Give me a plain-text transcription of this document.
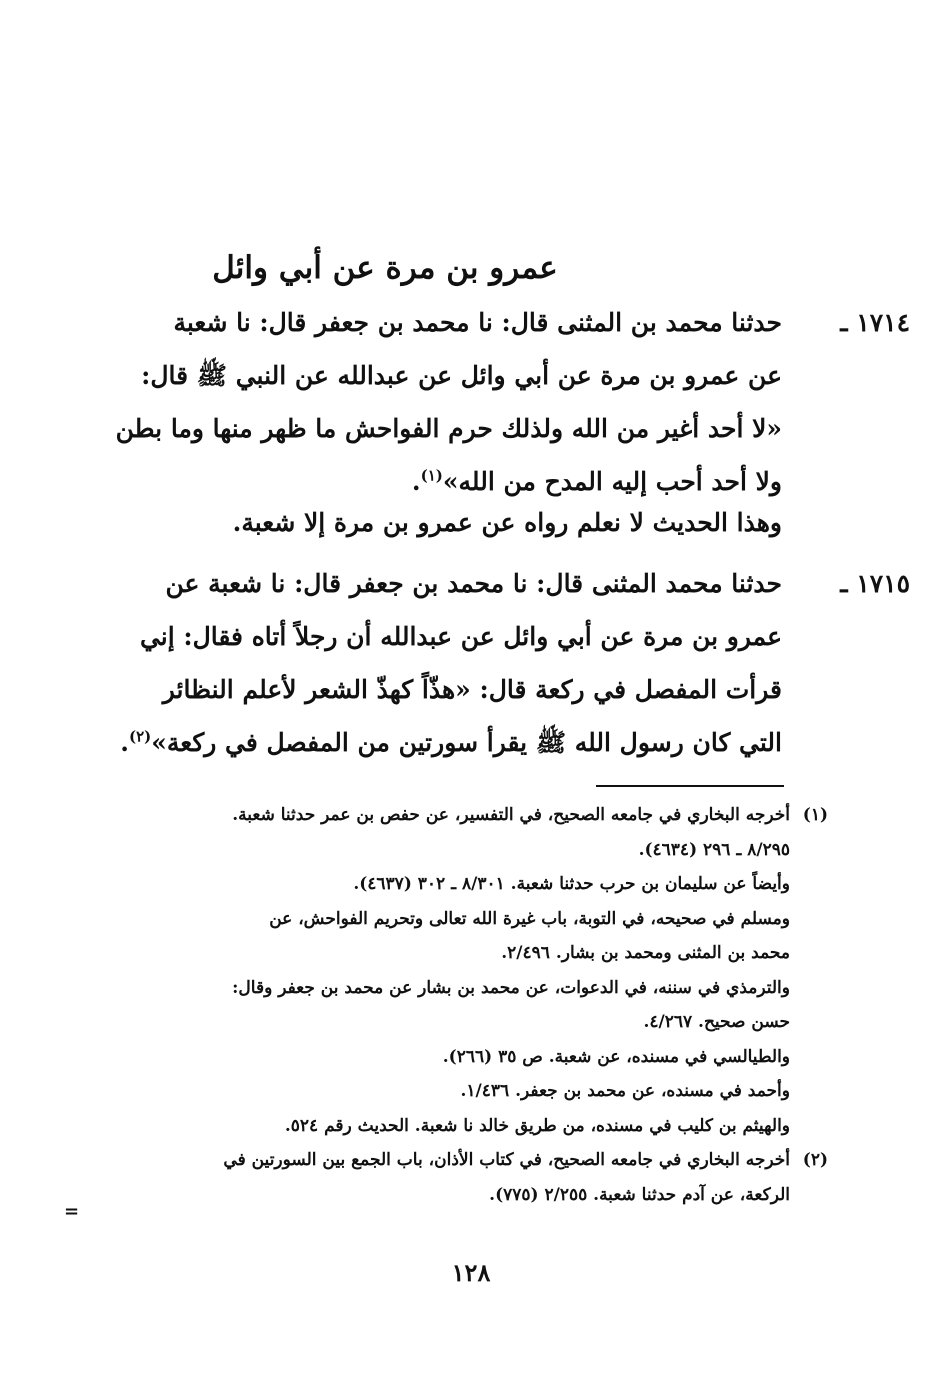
عمرو بن مرة عن أبي وائل
١٧١٤ ـ
حدثنا محمد بن المثنى قال: نا محمد بن جعفر قال: نا شعبة
عن عمرو بن مرة عن أبي وائل عن عبدالله عن النبي ﷺ قال:
«لا أحد أغير من الله ولذلك حرم الفواحش ما ظهر منها وما بطن
ولا أحد أحب إليه المدح من الله»$^{(١)}$.
وهذا الحديث لا نعلم رواه عن عمرو بن مرة إلا شعبة.
١٧١٥ ـ
حدثنا محمد المثنى قال: نا محمد بن جعفر قال: نا شعبة عن
عمرو بن مرة عن أبي وائل عن عبدالله أن رجلاً أتاه فقال: إني
قرأت المفصل في ركعة قال: «هذّاً كهذّ الشعر لأعلم النظائر
التي كان رسول الله ﷺ يقرأ سورتين من المفصل في ركعة»$^{(٢)}$.
(١)
(٢)
أخرجه البخاري في جامعه الصحيح، في التفسير، عن حفص بن عمر حدثنا شعبة.
٨/٢٩٥ ـ ٢٩٦ (٤٦٣٤).
وأيضاً عن سليمان بن حرب حدثنا شعبة. ٨/٣٠١ ـ ٣٠٢ (٤٦٣٧).
ومسلم في صحيحه، في التوبة، باب غيرة الله تعالى وتحريم الفواحش، عن
محمد بن المثنى ومحمد بن بشار. ٢/٤٩٦.
والترمذي في سننه، في الدعوات، عن محمد بن بشار عن محمد بن جعفر وقال:
حسن صحيح. ٤/٢٦٧.
والطيالسي في مسنده، عن شعبة. ص ٣٥ (٢٦٦).
وأحمد في مسنده، عن محمد بن جعفر. ١/٤٣٦.
والهيثم بن كليب في مسنده، من طريق خالد نا شعبة. الحديث رقم ٥٢٤.
أخرجه البخاري في جامعه الصحيح، في كتاب الأذان، باب الجمع بين السورتين في
الركعة، عن آدم حدثنا شعبة. ٢/٢٥٥ (٧٧٥).
=
١٢٨
